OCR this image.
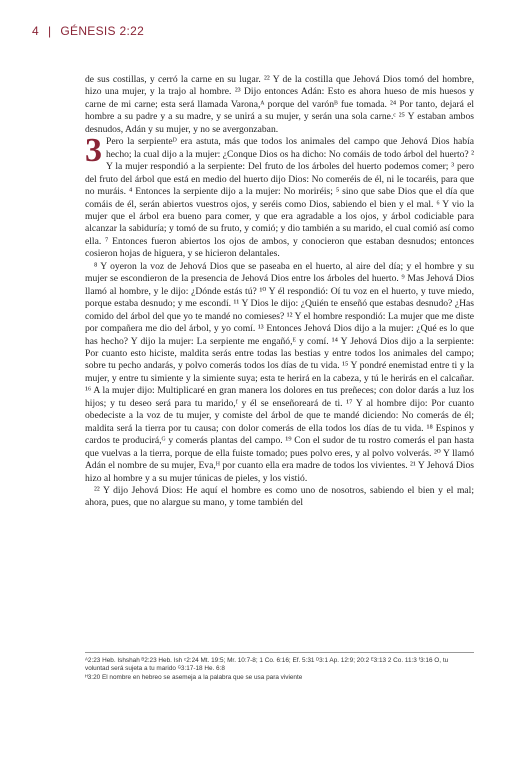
4 | GÉNESIS 2:22

de sus costillas, y cerró la carne en su lugar. ²² Y de la costilla que Jehová Dios tomó del hombre, hizo una mujer, y la trajo al hombre. ²³ Dijo entonces Adán: Esto es ahora hueso de mis huesos y carne de mi carne; esta será llamada Varona,ᴬ porque del varónᴮ fue tomada. ²⁴ Por tanto, dejará el hombre a su padre y a su madre, y se unirá a su mujer, y serán una sola carne.ᶜ ²⁵ Y estaban ambos desnudos, Adán y su mujer, y no se avergonzaban.

3 Pero la serpienteᴰ era astuta, más que todos los animales del campo que Jehová Dios había hecho; la cual dijo a la mujer: ¿Conque Dios os ha dicho: No comáis de todo árbol del huerto? ² Y la mujer respondió a la serpiente: Del fruto de los árboles del huerto podemos comer; ³ pero del fruto del árbol que está en medio del huerto dijo Dios: No comeréis de él, ni le tocaréis, para que no muráis. ⁴ Entonces la serpiente dijo a la mujer: No moriréis; ⁵ sino que sabe Dios que el día que comáis de él, serán abiertos vuestros ojos, y seréis como Dios, sabiendo el bien y el mal. ⁶ Y vio la mujer que el árbol era bueno para comer, y que era agradable a los ojos, y árbol codiciable para alcanzar la sabiduría; y tomó de su fruto, y comió; y dio también a su marido, el cual comió así como ella. ⁷ Entonces fueron abiertos los ojos de ambos, y conocieron que estaban desnudos; entonces cosieron hojas de higuera, y se hicieron delantales.

⁸ Y oyeron la voz de Jehová Dios que se paseaba en el huerto, al aire del día; y el hombre y su mujer se escondieron de la presencia de Jehová Dios entre los árboles del huerto. ⁹ Mas Jehová Dios llamó al hombre, y le dijo: ¿Dónde estás tú? ¹⁰ Y él respondió: Oí tu voz en el huerto, y tuve miedo, porque estaba desnudo; y me escondí. ¹¹ Y Dios le dijo: ¿Quién te enseñó que estabas desnudo? ¿Has comido del árbol del que yo te mandé no comieses? ¹² Y el hombre respondió: La mujer que me diste por compañera me dio del árbol, y yo comí. ¹³ Entonces Jehová Dios dijo a la mujer: ¿Qué es lo que has hecho? Y dijo la mujer: La serpiente me engañó,ᴱ y comí. ¹⁴ Y Jehová Dios dijo a la serpiente: Por cuanto esto hiciste, maldita serás entre todas las bestias y entre todos los animales del campo; sobre tu pecho andarás, y polvo comerás todos los días de tu vida. ¹⁵ Y pondré enemistad entre ti y la mujer, y entre tu simiente y la simiente suya; esta te herirá en la cabeza, y tú le herirás en el calcañar. ¹⁶ A la mujer dijo: Multiplicaré en gran manera los dolores en tus preñeces; con dolor darás a luz los hijos; y tu deseo será para tu marido,ᶠ y él se enseñoreará de ti. ¹⁷ Y al hombre dijo: Por cuanto obedeciste a la voz de tu mujer, y comiste del árbol de que te mandé diciendo: No comerás de él; maldita será la tierra por tu causa; con dolor comerás de ella todos los días de tu vida. ¹⁸ Espinos y cardos te producirá,ᴳ y comerás plantas del campo. ¹⁹ Con el sudor de tu rostro comerás el pan hasta que vuelvas a la tierra, porque de ella fuiste tomado; pues polvo eres, y al polvo volverás. ²⁰ Y llamó Adán el nombre de su mujer, Eva,ᴴ por cuanto ella era madre de todos los vivientes. ²¹ Y Jehová Dios hizo al hombre y a su mujer túnicas de pieles, y los vistió.

²² Y dijo Jehová Dios: He aquí el hombre es como uno de nosotros, sabiendo el bien y el mal; ahora, pues, que no alargue su mano, y tome también del

ᴬ2:23 Heb. Ishshah ᴮ2:23 Heb. Ish ᶜ2:24 Mt. 19:5; Mr. 10:7-8; 1 Co. 6:16; Ef. 5:31 ᴰ3:1 Ap. 12:9; 20:2 ᴱ3:13 2 Co. 11:3 ᶠ3:16 O, tu voluntad será sujeta a tu marido ᴳ3:17-18 He. 6:8

ᴴ3:20 El nombre en hebreo se asemeja a la palabra que se usa para viviente
